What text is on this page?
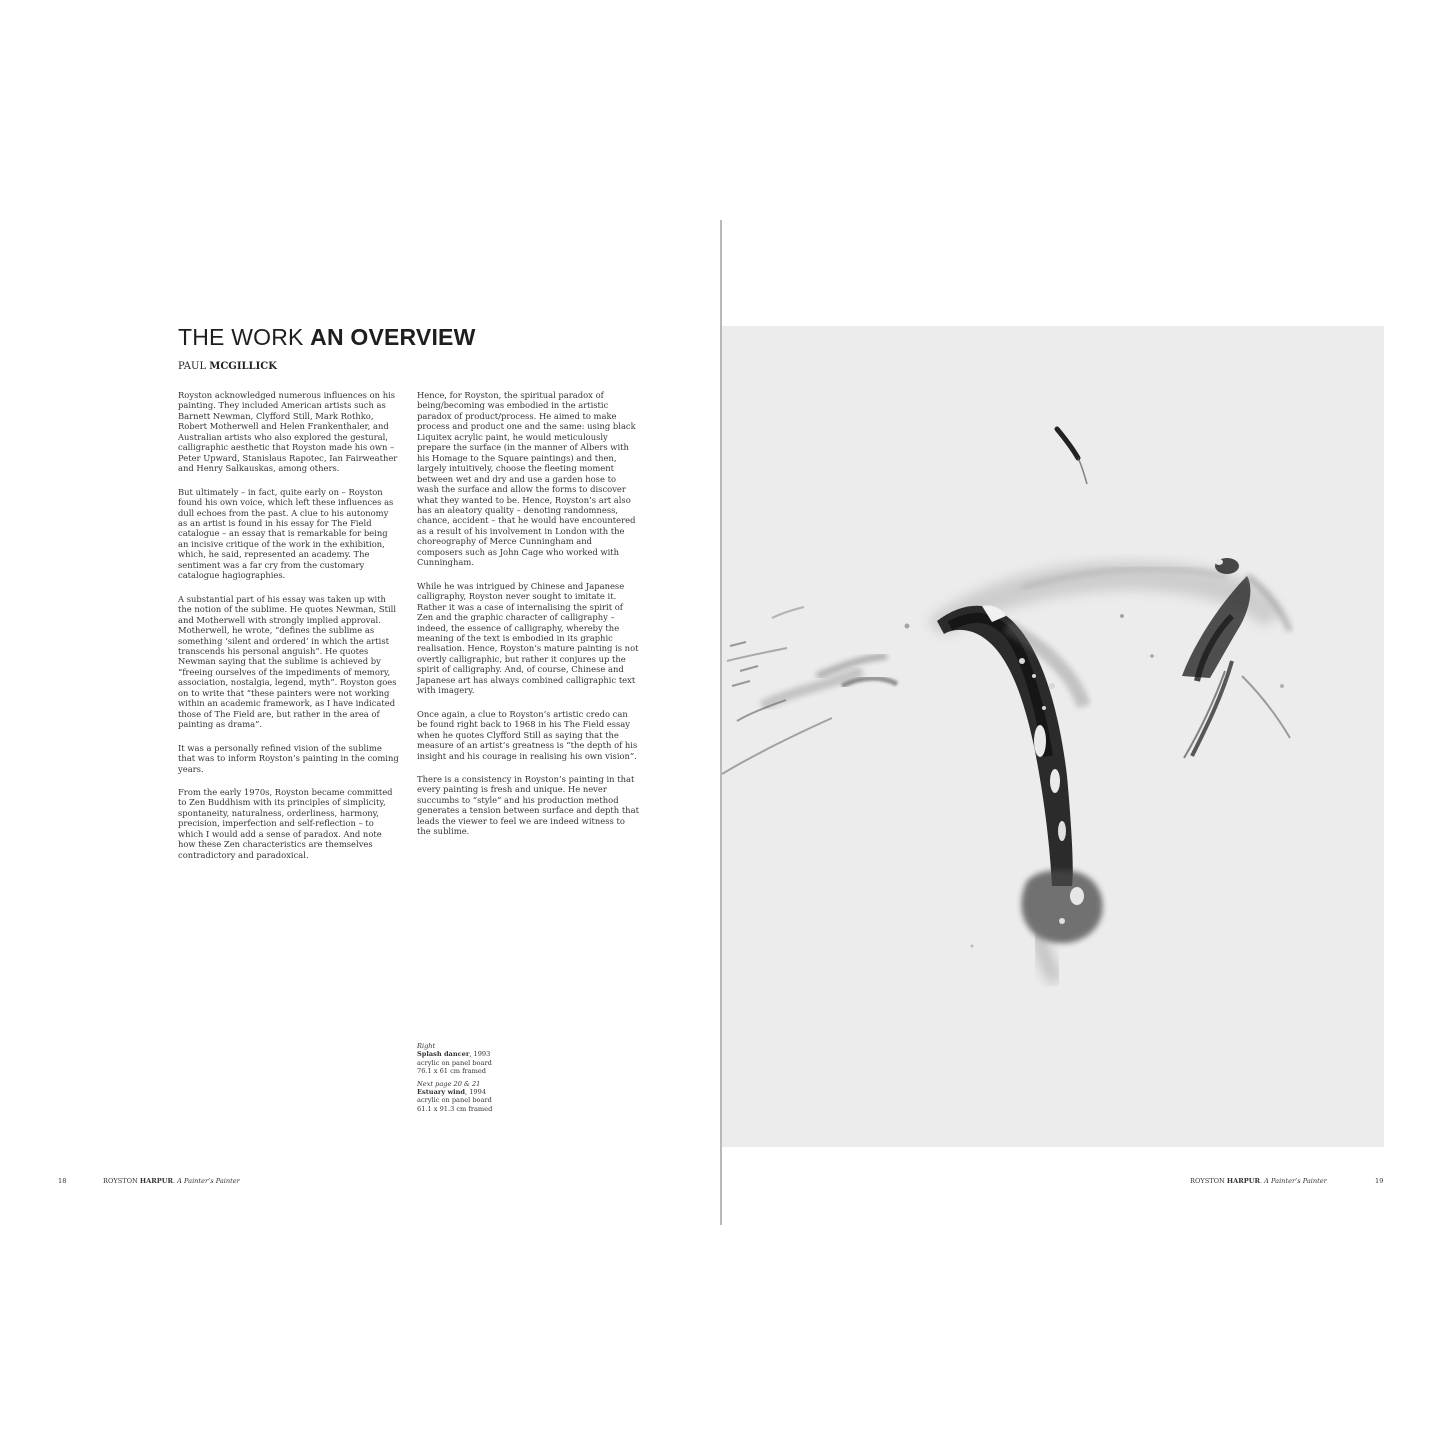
THE WORK AN OVERVIEW
PAUL MCGILLICK

Royston acknowledged numerous influences on his painting. They included American artists such as Barnett Newman, Clyfford Still, Mark Rothko, Robert Motherwell and Helen Frankenthaler, and Australian artists who also explored the gestural, calligraphic aesthetic that Royston made his own – Peter Upward, Stanislaus Rapotec, Ian Fairweather and Henry Salkauskas, among others.

But ultimately – in fact, quite early on – Royston found his own voice, which left these influences as dull echoes from the past. A clue to his autonomy as an artist is found in his essay for The Field catalogue – an essay that is remarkable for being an incisive critique of the work in the exhibition, which, he said, represented an academy. The sentiment was a far cry from the customary catalogue hagiographies.

A substantial part of his essay was taken up with the notion of the sublime. He quotes Newman, Still and Motherwell with strongly implied approval. Motherwell, he wrote, “defines the sublime as something ‘silent and ordered’ in which the artist transcends his personal anguish”. He quotes Newman saying that the sublime is achieved by “freeing ourselves of the impediments of memory, association, nostalgia, legend, myth”. Royston goes on to write that “these painters were not working within an academic framework, as I have indicated those of The Field are, but rather in the area of painting as drama”.

It was a personally refined vision of the sublime that was to inform Royston’s painting in the coming years.

From the early 1970s, Royston became committed to Zen Buddhism with its principles of simplicity, spontaneity, naturalness, orderliness, harmony, precision, imperfection and self-reflection – to which I would add a sense of paradox. And note how these Zen characteristics are themselves contradictory and paradoxical.

Hence, for Royston, the spiritual paradox of being/becoming was embodied in the artistic paradox of product/process. He aimed to make process and product one and the same: using black Liquitex acrylic paint, he would meticulously prepare the surface (in the manner of Albers with his Homage to the Square paintings) and then, largely intuitively, choose the fleeting moment between wet and dry and use a garden hose to wash the surface and allow the forms to discover what they wanted to be. Hence, Royston’s art also has an aleatory quality – denoting randomness, chance, accident – that he would have encountered as a result of his involvement in London with the choreography of Merce Cunningham and composers such as John Cage who worked with Cunningham.

While he was intrigued by Chinese and Japanese calligraphy, Royston never sought to imitate it. Rather it was a case of internalising the spirit of Zen and the graphic character of calligraphy – indeed, the essence of calligraphy, whereby the meaning of the text is embodied in its graphic realisation. Hence, Royston’s mature painting is not overtly calligraphic, but rather it conjures up the spirit of calligraphy. And, of course, Chinese and Japanese art has always combined calligraphic text with imagery.

Once again, a clue to Royston’s artistic credo can be found right back to 1968 in his The Field essay when he quotes Clyfford Still as saying that the measure of an artist’s greatness is “the depth of his insight and his courage in realising his own vision”.

There is a consistency in Royston’s painting in that every painting is fresh and unique. He never succumbs to “style” and his production method generates a tension between surface and depth that leads the viewer to feel we are indeed witness to the sublime.

Right
Splash dancer, 1993
acrylic on panel board
76.1 x 61 cm framed
Next page 20 & 21
Estuary wind, 1994
acrylic on panel board
61.1 x 91.3 cm framed
18	ROYSTON HARPUR. A Painter’s Painter	ROYSTON HARPUR. A Painter’s Painter	19
